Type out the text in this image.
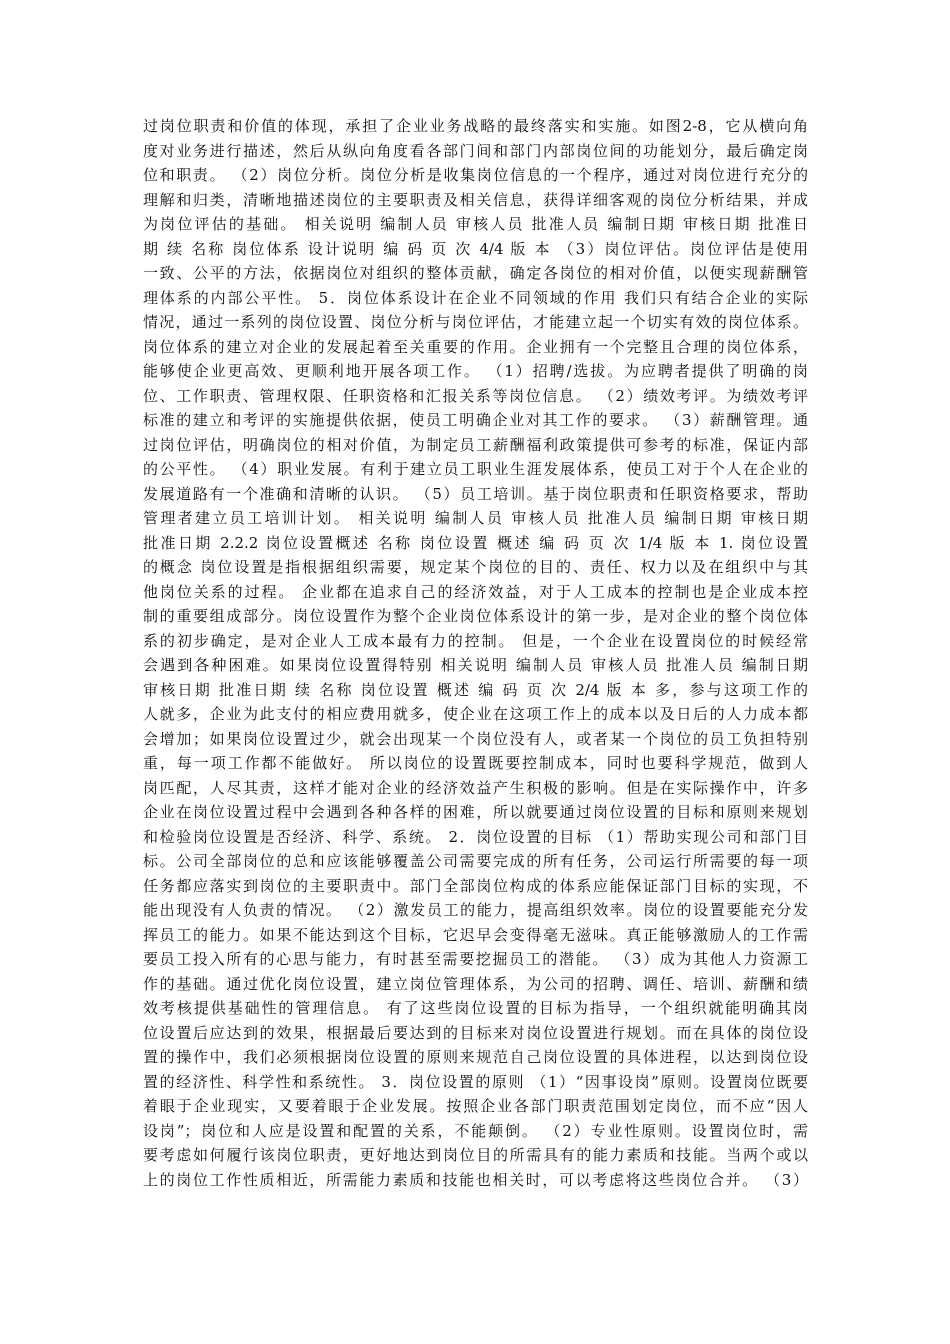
过岗位职责和价值的体现，承担了企业业务战略的最终落实和实施。如图2-8，它从横向角
度对业务进行描述，然后从纵向角度看各部门间和部门内部岗位间的功能划分，最后确定岗
位和职责。 （2）岗位分析。岗位分析是收集岗位信息的一个程序，通过对岗位进行充分的
理解和归类，清晰地描述岗位的主要职责及相关信息，获得详细客观的岗位分析结果，并成
为岗位评估的基础。 相关说明 编制人员 审核人员 批准人员 编制日期 审核日期 批准日
期 续 名称 岗位体系 设计说明 编 码 页 次 4/4 版 本 （3）岗位评估。岗位评估是使用
一致、公平的方法，依据岗位对组织的整体贡献，确定各岗位的相对价值，以便实现薪酬管
理体系的内部公平性。 5．岗位体系设计在企业不同领域的作用 我们只有结合企业的实际
情况，通过一系列的岗位设置、岗位分析与岗位评估，才能建立起一个切实有效的岗位体系。
岗位体系的建立对企业的发展起着至关重要的作用。企业拥有一个完整且合理的岗位体系，
能够使企业更高效、更顺利地开展各项工作。 （1）招聘/选拔。为应聘者提供了明确的岗
位、工作职责、管理权限、任职资格和汇报关系等岗位信息。 （2）绩效考评。为绩效考评
标准的建立和考评的实施提供依据，使员工明确企业对其工作的要求。 （3）薪酬管理。通
过岗位评估，明确岗位的相对价值，为制定员工薪酬福利政策提供可参考的标准，保证内部
的公平性。 （4）职业发展。有利于建立员工职业生涯发展体系，使员工对于个人在企业的
发展道路有一个准确和清晰的认识。 （5）员工培训。基于岗位职责和任职资格要求，帮助
管理者建立员工培训计划。 相关说明 编制人员 审核人员 批准人员 编制日期 审核日期
批准日期 2.2.2 岗位设置概述 名称 岗位设置 概述 编 码 页 次 1/4 版 本 1. 岗位设置
的概念 岗位设置是指根据组织需要，规定某个岗位的目的、责任、权力以及在组织中与其
他岗位关系的过程。 企业都在追求自己的经济效益，对于人工成本的控制也是企业成本控
制的重要组成部分。岗位设置作为整个企业岗位体系设计的第一步，是对企业的整个岗位体
系的初步确定，是对企业人工成本最有力的控制。 但是，一个企业在设置岗位的时候经常
会遇到各种困难。如果岗位设置得特别 相关说明 编制人员 审核人员 批准人员 编制日期
审核日期 批准日期 续 名称 岗位设置 概述 编 码 页 次 2/4 版 本 多，参与这项工作的
人就多，企业为此支付的相应费用就多，使企业在这项工作上的成本以及日后的人力成本都
会增加；如果岗位设置过少，就会出现某一个岗位没有人，或者某一个岗位的员工负担特别
重，每一项工作都不能做好。 所以岗位的设置既要控制成本，同时也要科学规范，做到人
岗匹配，人尽其责，这样才能对企业的经济效益产生积极的影响。但是在实际操作中，许多
企业在岗位设置过程中会遇到各种各样的困难，所以就要通过岗位设置的目标和原则来规划
和检验岗位设置是否经济、科学、系统。 2．岗位设置的目标 （1）帮助实现公司和部门目
标。公司全部岗位的总和应该能够覆盖公司需要完成的所有任务，公司运行所需要的每一项
任务都应落实到岗位的主要职责中。部门全部岗位构成的体系应能保证部门目标的实现，不
能出现没有人负责的情况。 （2）激发员工的能力，提高组织效率。岗位的设置要能充分发
挥员工的能力。如果不能达到这个目标，它迟早会变得毫无滋味。真正能够激励人的工作需
要员工投入所有的心思与能力，有时甚至需要挖掘员工的潜能。 （3）成为其他人力资源工
作的基础。通过优化岗位设置，建立岗位管理体系，为公司的招聘、调任、培训、薪酬和绩
效考核提供基础性的管理信息。 有了这些岗位设置的目标为指导，一个组织就能明确其岗
位设置后应达到的效果，根据最后要达到的目标来对岗位设置进行规划。而在具体的岗位设
置的操作中，我们必须根据岗位设置的原则来规范自己岗位设置的具体进程，以达到岗位设
置的经济性、科学性和系统性。 3．岗位设置的原则 （1）“因事设岗”原则。设置岗位既要
着眼于企业现实，又要着眼于企业发展。按照企业各部门职责范围划定岗位，而不应“因人
设岗”；岗位和人应是设置和配置的关系，不能颠倒。 （2）专业性原则。设置岗位时，需
要考虑如何履行该岗位职责，更好地达到岗位目的所需具有的能力素质和技能。当两个或以
上的岗位工作性质相近，所需能力素质和技能也相关时，可以考虑将这些岗位合并。 （3）
